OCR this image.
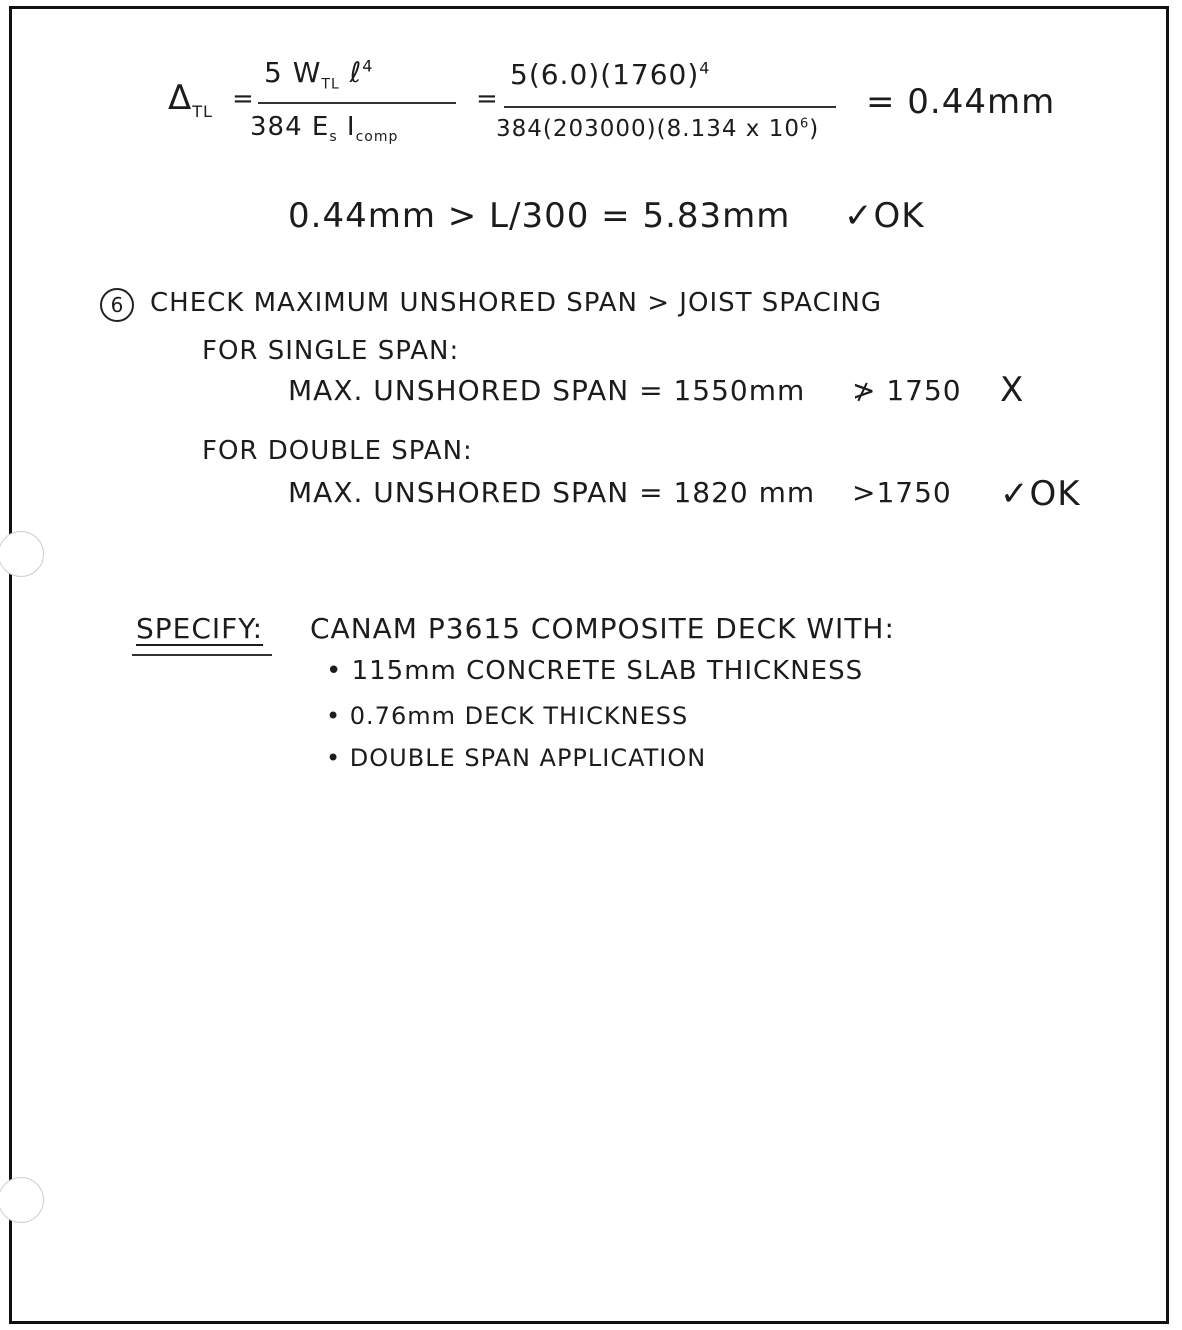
$\Delta_{TL}$ =
5 $W_{TL}$ ℓ$^4$
384 $E_s$ $I_{comp}$
=
$5(6.0)(1760)^4$
384(203000)(8.134 x $10^6$)
= 0.44mm
0.44mm > L/300 = 5.83mm ✓OK
6	CHECK MAXIMUM UNSHORED SPAN > JOIST SPACING
FOR SINGLE SPAN:
MAX. UNSHORED SPAN = 1550mm ≯ 1750 X
FOR DOUBLE SPAN:
MAX. UNSHORED SPAN = 1820 mm >1750 ✓OK
SPECIFY: CANAM P3615 COMPOSITE DECK WITH:
• 115mm CONCRETE SLAB THICKNESS
• 0.76mm DECK THICKNESS
• DOUBLE SPAN APPLICATION
